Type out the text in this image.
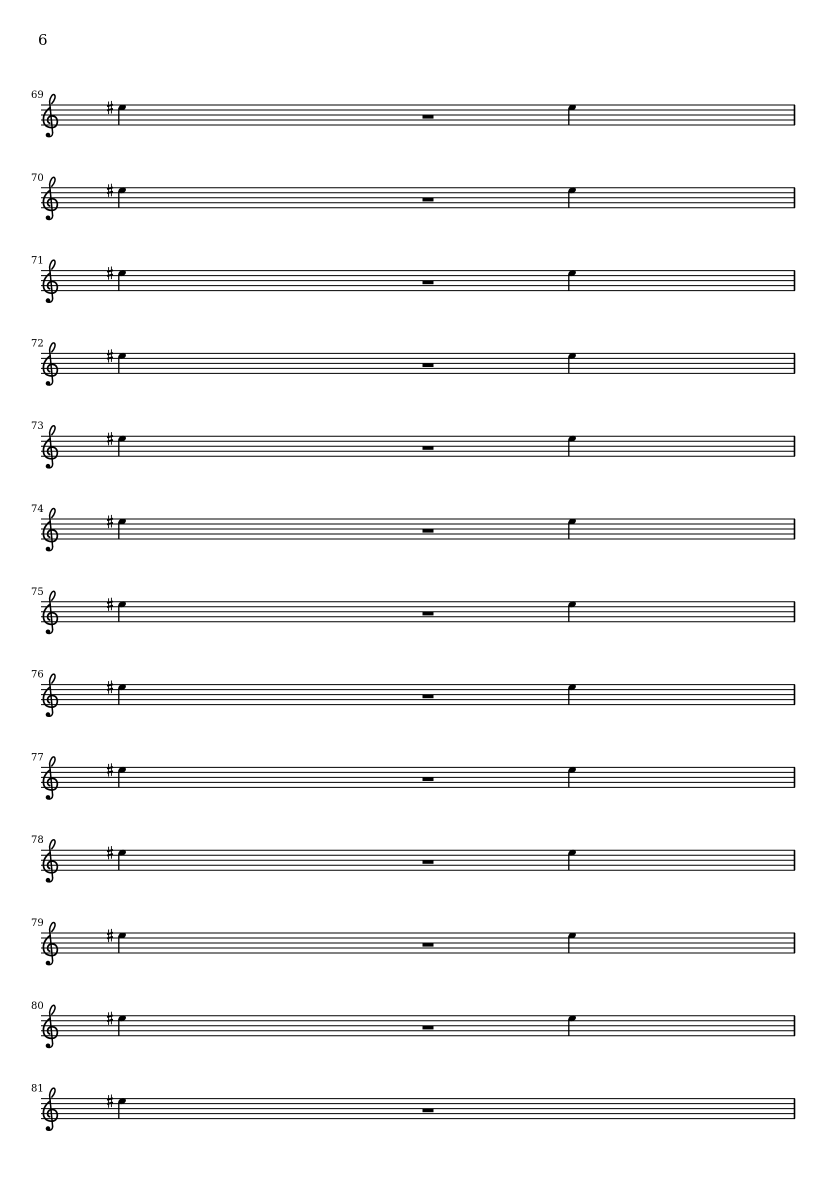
6
69
70
71
72
73
74
75
76
77
78
79
80
81
